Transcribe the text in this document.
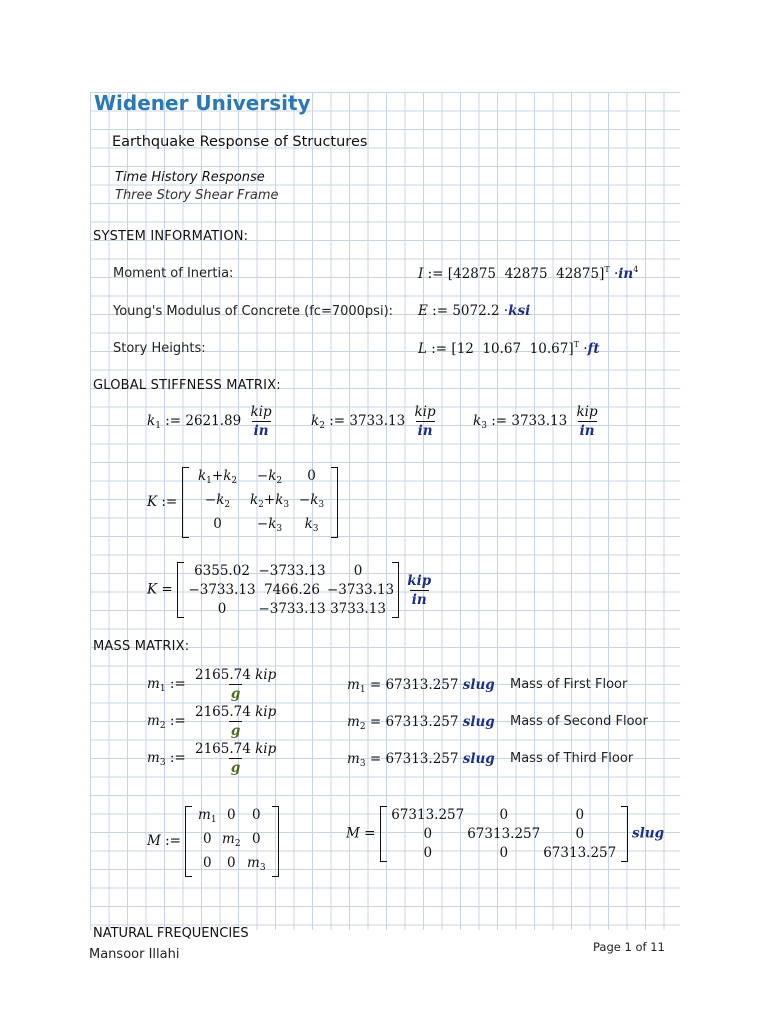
Widener University
Earthquake Response of Structures
Time History Response
Three Story Shear Frame
SYSTEM INFORMATION:
Moment of Inertia:	I := [42875  42875  $42875]^T \cdot in^4$
Young's Modulus of Concrete (fc=7000psi): E := 5072.2 ·ksi
Story Heights:	L := [12  10.67  10.67]$^T$ ·ft
GLOBAL STIFFNESS MATRIX:
$k_1$ := $2621.89 \frac{\text{kip}}{in}$	$k_2$ := $3733.13 \frac{\text{kip}}{in}$	$k_3$ := $3733.13 \frac{\text{kip}}{in}$
K :=
$k_1+k_2$	$-k_2$	0
$-k_2$	$k_2+k_3 -k_3$
0	$-k_3$	$k_3$
K =
6355.02 −3733.13	0
−3733.13 7466.26 −3733.13
0	−3733.13 3733.13

$\frac{\text{kip}}{in}$
MASS MATRIX:
$m_1$ := $\frac{\text{2165.74 kip}}{g}$
$m_2$ := $\frac{\text{2165.74 kip}}{g}$
$m_3$ := $\frac{\text{2165.74 kip}}{g}$
$m_1 = 67313.257$ slug
$m_2 = 67313.257$ slug
$m_3 = 67313.257$ slug
Mass of First Floor
Mass of Second Floor
Mass of Third Floor
M :=
$m_1$ 0	0
0 $m_2$ 0
0	0 $m_3$
M =
67313.257	0	0
0	67313.257	0
0	0	67313.257
slug
NATURAL FREQUENCIES
Page 1 of 11
Mansoor Illahi
